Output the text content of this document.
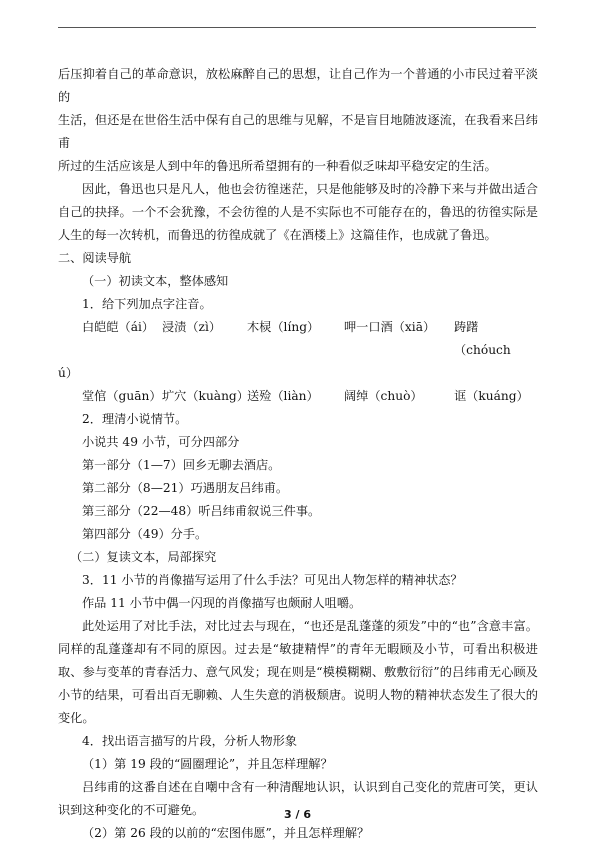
后压抑着自己的革命意识，放松麻醉自己的思想，让自己作为一个普通的小市民过着平淡的

生活，但还是在世俗生活中保有自己的思维与见解，不是盲目地随波逐流，在我看来吕纬甫

所过的生活应该是人到中年的鲁迅所希望拥有的一种看似乏味却平稳安定的生活。

因此，鲁迅也只是凡人，他也会彷徨迷茫，只是他能够及时的冷静下来与并做出适合自己的抉择。一个不会犹豫，不会彷徨的人是不实际也不可能存在的，鲁迅的彷徨实际是人生的每一次转机，而鲁迅的彷徨成就了《在酒楼上》这篇佳作，也成就了鲁迅。

二、阅读导航

（一）初读文本，整体感知

1．给下列加点字注音。

白皑皑（ái） 浸渍（zì）	木棂（líng）	呷一口酒（xiā）	踌躇（chóuch

ú）

堂倌（guān） 圹穴（kuàng）
送殓（liàn）	阔绰（chuò）	诓（kuáng）

2．理清小说情节。

小说共 49 小节，可分四部分

第一部分（1—7）回乡无聊去酒店。

第二部分（8—21）巧遇朋友吕纬甫。

第三部分（22—48）听吕纬甫叙说三件事。

第四部分（49）分手。

（二）复读文本，局部探究

3．11 小节的肖像描写运用了什么手法？可见出人物怎样的精神状态？

作品 11 小节中偶一闪现的肖像描写也颇耐人咀嚼。

此处运用了对比手法，对比过去与现在，“也还是乱蓬蓬的须发”中的“也”含意丰富。同样的乱蓬蓬却有不同的原因。过去是“敏捷精悍”的青年无暇顾及小节，可看出积极进取、参与变革的青春活力、意气风发；现在则是“模模糊糊、敷敷衍衍”的吕纬甫无心顾及小节的结果，可看出百无聊赖、人生失意的消极颓唐。说明人物的精神状态发生了很大的变化。

4．找出语言描写的片段，分析人物形象

（1）第 19 段的“圆圈理论”，并且怎样理解？

吕纬甫的这番自述在自嘲中含有一种清醒地认识，认识到自己变化的荒唐可笑，更认识到这种变化的不可避免。

（2）第 26 段的以前的“宏图伟愿”，并且怎样理解？

3 / 6
